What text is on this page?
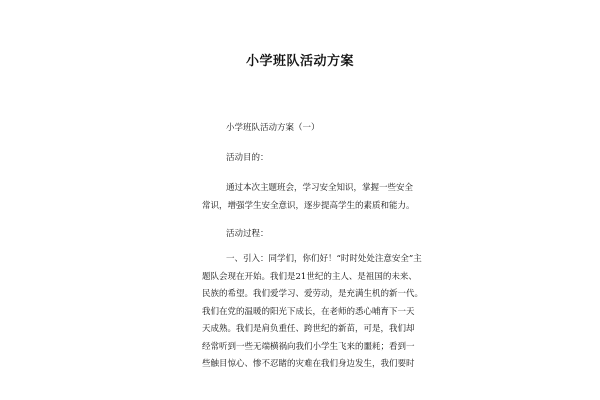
小学班队活动方案

小学班队活动方案（一）

活动目的：

通过本次主题班会，学习安全知识，掌握一些安全
常识，增强学生安全意识，逐步提高学生的素质和能力。

活动过程：

一、引入：同学们，你们好！“时时处处注意安全”主
题队会现在开始。我们是21世纪的主人、是祖国的未来、
民族的希望。我们爱学习、爱劳动，是充满生机的新一代。
我们在党的温暖的阳光下成长，在老师的悉心哺育下一天
天成熟。我们是肩负重任、跨世纪的新苗，可是，我们却
经常听到一些无端横祸向我们小学生飞来的噩耗；看到一
些触目惊心、惨不忍睹的灾难在我们身边发生，我们要时
